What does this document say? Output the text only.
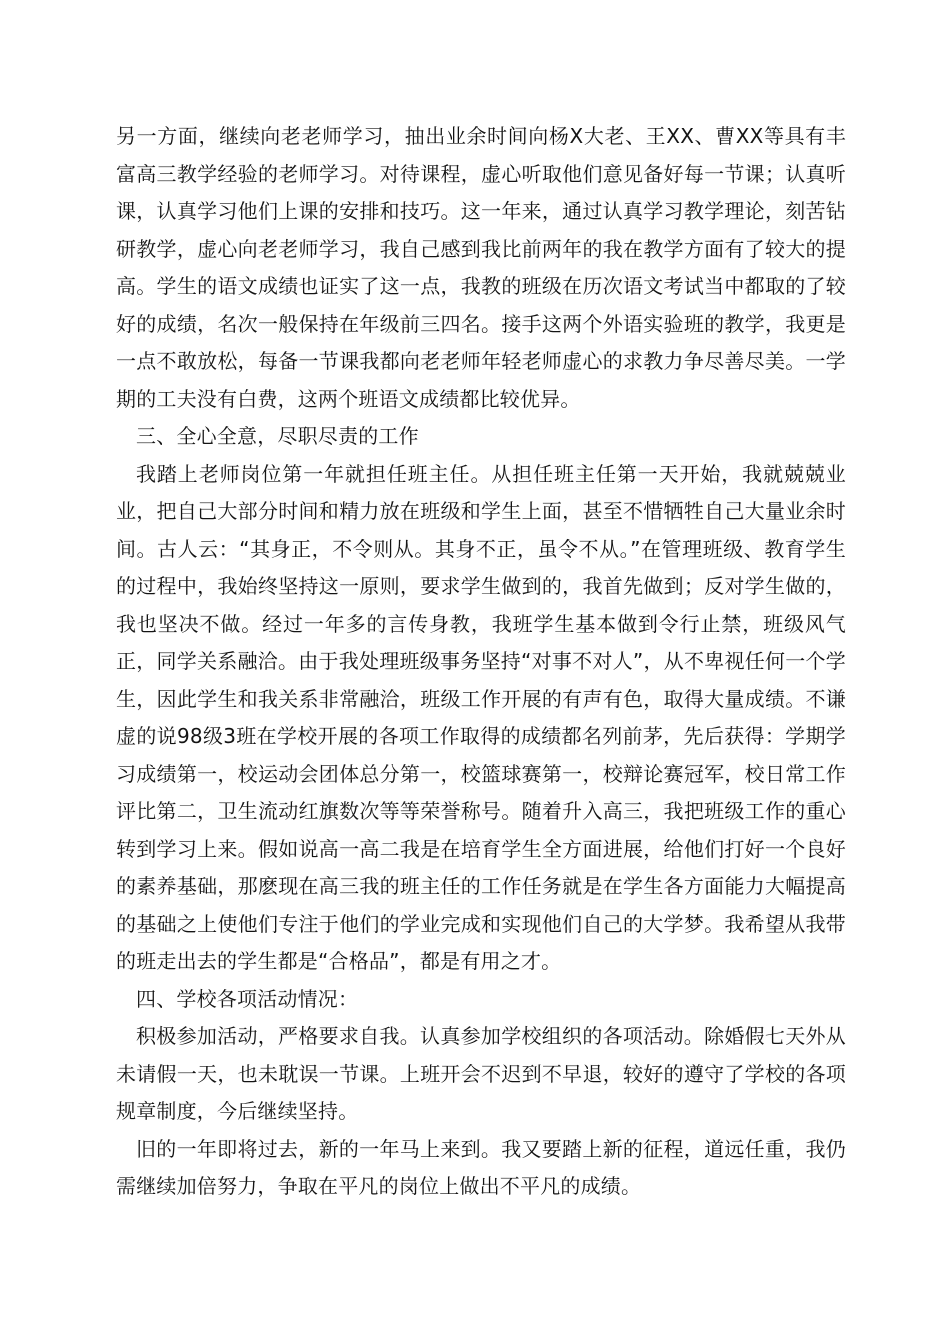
另一方面，继续向老老师学习，抽出业余时间向杨X大老、王XX、曹XX等具有丰富高三教学经验的老师学习。对待课程，虚心听取他们意见备好每一节课；认真听课，认真学习他们上课的安排和技巧。这一年来，通过认真学习教学理论，刻苦钻研教学，虚心向老老师学习，我自己感到我比前两年的我在教学方面有了较大的提高。学生的语文成绩也证实了这一点，我教的班级在历次语文考试当中都取的了较好的成绩，名次一般保持在年级前三四名。接手这两个外语实验班的教学，我更是一点不敢放松，每备一节课我都向老老师年轻老师虚心的求教力争尽善尽美。一学期的工夫没有白费，这两个班语文成绩都比较优异。

三、全心全意，尽职尽责的工作

我踏上老师岗位第一年就担任班主任。从担任班主任第一天开始，我就兢兢业业，把自己大部分时间和精力放在班级和学生上面，甚至不惜牺牲自己大量业余时间。古人云：“其身正，不令则从。其身不正，虽令不从。”在管理班级、教育学生的过程中，我始终坚持这一原则，要求学生做到的，我首先做到；反对学生做的，我也坚决不做。经过一年多的言传身教，我班学生基本做到令行止禁，班级风气正，同学关系融洽。由于我处理班级事务坚持“对事不对人”，从不卑视任何一个学生，因此学生和我关系非常融洽，班级工作开展的有声有色，取得大量成绩。不谦虚的说98级3班在学校开展的各项工作取得的成绩都名列前茅，先后获得：学期学习成绩第一，校运动会团体总分第一，校篮球赛第一，校辩论赛冠军，校日常工作评比第二，卫生流动红旗数次等等荣誉称号。随着升入高三，我把班级工作的重心转到学习上来。假如说高一高二我是在培育学生全方面进展，给他们打好一个良好的素养基础，那麽现在高三我的班主任的工作任务就是在学生各方面能力大幅提高的基础之上使他们专注于他们的学业完成和实现他们自己的大学梦。我希望从我带的班走出去的学生都是“合格品”，都是有用之才。

四、学校各项活动情况：

积极参加活动，严格要求自我。认真参加学校组织的各项活动。除婚假七天外从未请假一天，也未耽误一节课。上班开会不迟到不早退，较好的遵守了学校的各项规章制度，今后继续坚持。

旧的一年即将过去，新的一年马上来到。我又要踏上新的征程，道远任重，我仍需继续加倍努力，争取在平凡的岗位上做出不平凡的成绩。
